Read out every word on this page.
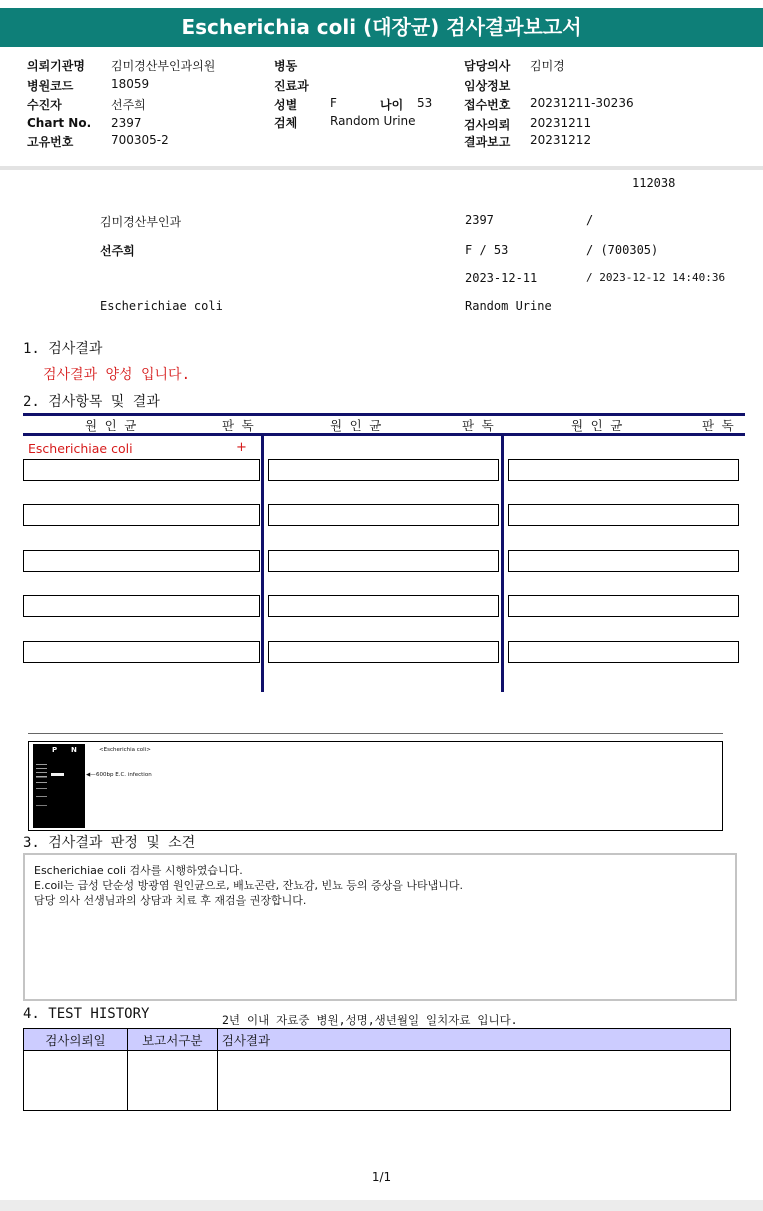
Escherichia coli (대장균) 검사결과보고서
의뢰기관명 김미경산부인과의원
병원코드	18059
수진자	선주희
Chart No. 2397
고유번호	700305-2
병동
진료과
성별	F	나이 53
검체	Random Urine
담당의사 김미경
임상정보
접수번호 20231211-30236
검사의뢰 20231211
결과보고 20231212
112038
김미경산부인과	2397	/
선주희	F / 53	/ (700305)
2023-12-11	/ 2023-12-12 14:40:36
Escherichiae coli	Random Urine
1. 검사결과
검사결과 양성 입니다.
2. 검사항목 및 결과
원 인 균	판 독	원 인 균	판 독	원 인 균	판 독
Escherichiae coli	+
P N	<Escherichia coli>
◀— 600bp E.C. infection
3. 검사결과 판정 및 소견
Escherichiae coli 검사를 시행하였습니다.
E.coil는 급성 단순성 방광염 원인균으로, 배뇨곤란, 잔뇨감, 빈뇨 등의 증상을 나타냅니다.
담당 의사 선생님과의 상담과 치료 후 재검을 권장합니다.
4. TEST HISTORY	2년 이내 자료중 병원,성명,생년월일 일치자료 입니다.
검사의뢰일	보고서구분	검사결과

1/1
